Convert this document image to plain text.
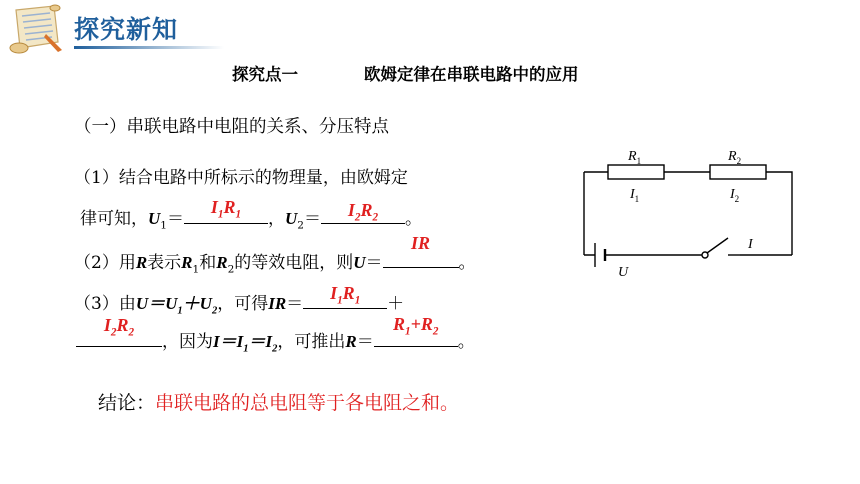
探究新知
探究点一	欧姆定律在串联电路中的应用
（一）串联电路中电阻的关系、分压特点
（1）结合电路中所标示的物理量，由欧姆定
律可知，$U_1=$
$I_1R_1$	，$U_2=$	$I_2R_2$	。
（2）用R表示$R_1$和$R_2$的等效电阻，则U＝
IR
。
（3）由$U=U_1+U_2$，可得IR＝
$I_1R_1$	＋
$I_2R_2$	，因为$I=I_1=I_2$，可推出R＝
$R_1+R_2$
。
结论：串联电路的总电阻等于各电阻之和。
$R_1$	$R_2$
$I_1$	$I_2$
U
I
